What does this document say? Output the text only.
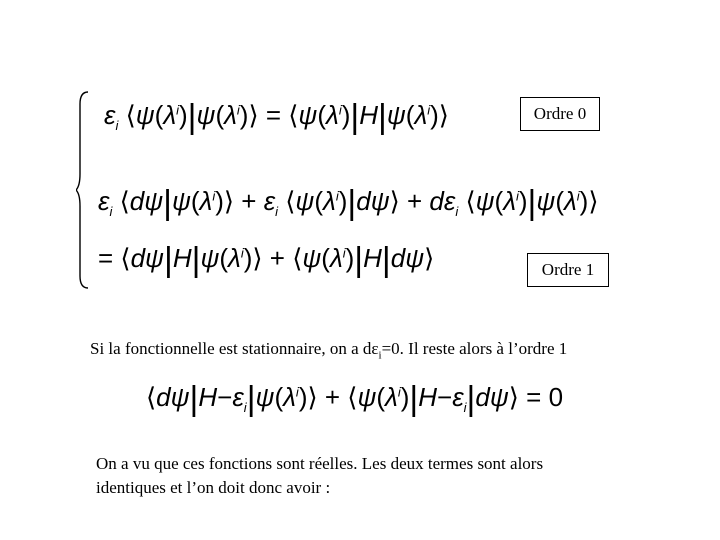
$\varepsilon_i$ $⟨\psi(\lambda^i)|\psi(\lambda^i)⟩$ = $⟨\psi(\lambda^i)|H|\psi(\lambda^i)⟩$	Ordre 0
$\varepsilon_i$ $⟨d\psi|\psi(\lambda^i)⟩ + \varepsilon_i$ $⟨\psi(\lambda^i)|d\psi⟩ + d\varepsilon_i$ $⟨\psi(\lambda^i)|\psi(\lambda^i)⟩$
= $⟨d\psi|H|\psi(\lambda^i)⟩$ + $⟨\psi(\lambda^i)|H|d\psi⟩$	Ordre 1
Si la fonctionnelle est stationnaire, on a $d\varepsilon_i=0$. Il reste alors à l’ordre 1
$⟨d\psi|H-\varepsilon_i|\psi(\lambda^i)⟩$ + $⟨\psi(\lambda^i)|H-\varepsilon_i|d\psi⟩ = 0$
On a vu que ces fonctions sont réelles. Les deux termes sont alors
identiques et l’on doit donc avoir :
